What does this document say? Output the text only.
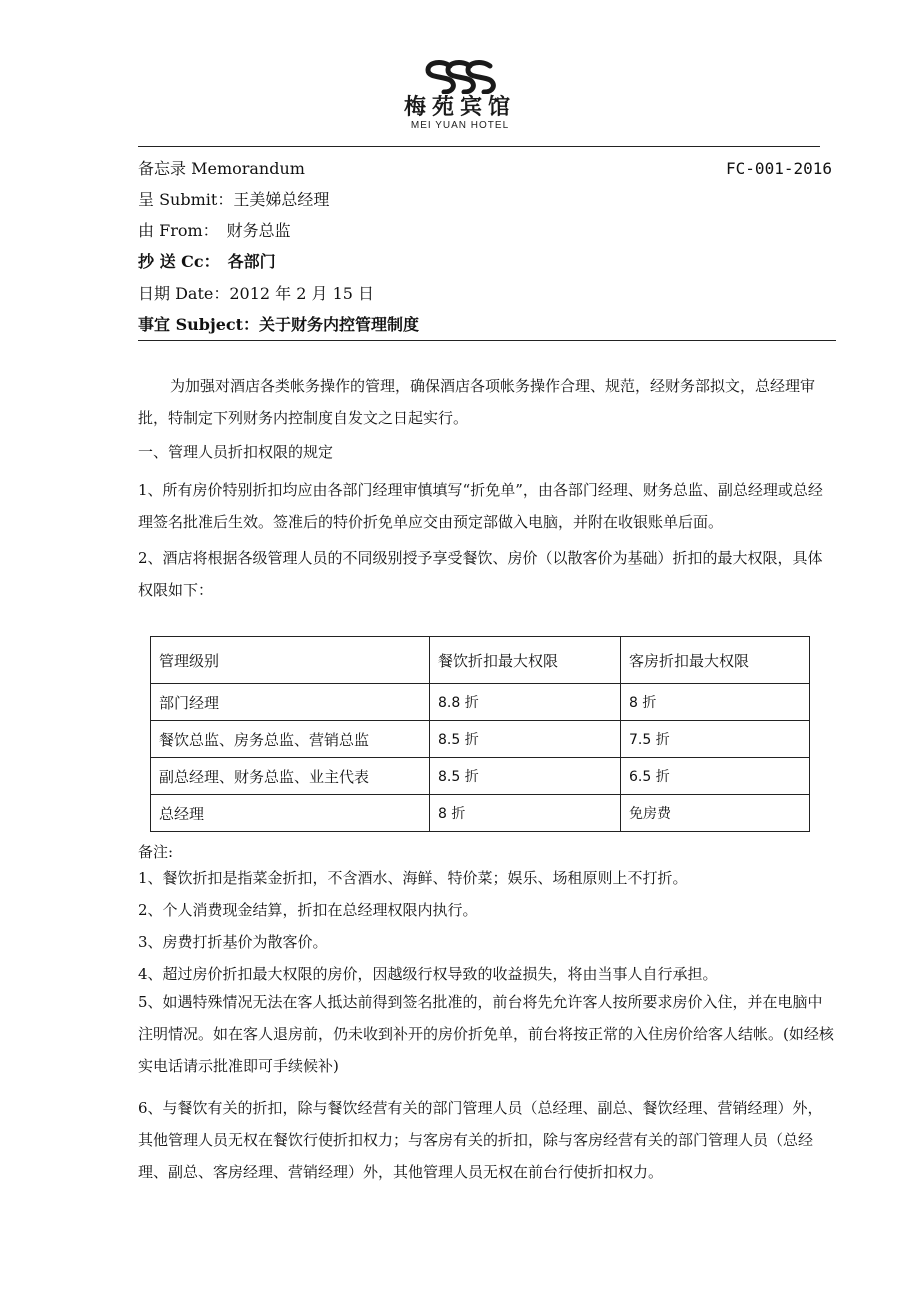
梅苑宾馆
MEI YUAN HOTEL
备忘录 Memorandum	FC-001-2016
呈 Submit：王美娣总经理
由 From：　财务总监
抄 送 Cc：　各部门
日期 Date：2012 年 2 月 15 日
事宜 Subject：关于财务内控管理制度
为加强对酒店各类帐务操作的管理，确保酒店各项帐务操作合理、规范，经财务部拟文，总经理审批，特制定下列财务内控制度自发文之日起实行。
一、管理人员折扣权限的规定
1、所有房价特别折扣均应由各部门经理审慎填写“折免单”，由各部门经理、财务总监、副总经理或总经理签名批准后生效。签准后的特价折免单应交由预定部做入电脑，并附在收银账单后面。
2、酒店将根据各级管理人员的不同级别授予享受餐饮、房价（以散客价为基础）折扣的最大权限，具体权限如下：
管理级别	餐饮折扣最大权限	客房折扣最大权限
部门经理	8.8 折	8 折
餐饮总监、房务总监、营销总监	8.5 折	7.5 折
副总经理、财务总监、业主代表	8.5 折	6.5 折
总经理	8 折	免房费
备注:
1、餐饮折扣是指菜金折扣，不含酒水、海鲜、特价菜；娱乐、场租原则上不打折。
2、个人消费现金结算，折扣在总经理权限内执行。
3、房费打折基价为散客价。
4、超过房价折扣最大权限的房价，因越级行权导致的收益损失，将由当事人自行承担。
5、如遇特殊情况无法在客人抵达前得到签名批准的，前台将先允许客人按所要求房价入住，并在电脑中注明情况。如在客人退房前，仍未收到补开的房价折免单，前台将按正常的入住房价给客人结帐。(如经核实电话请示批准即可手续候补)
6、与餐饮有关的折扣，除与餐饮经营有关的部门管理人员（总经理、副总、餐饮经理、营销经理）外，其他管理人员无权在餐饮行使折扣权力；与客房有关的折扣，除与客房经营有关的部门管理人员（总经理、副总、客房经理、营销经理）外，其他管理人员无权在前台行使折扣权力。
